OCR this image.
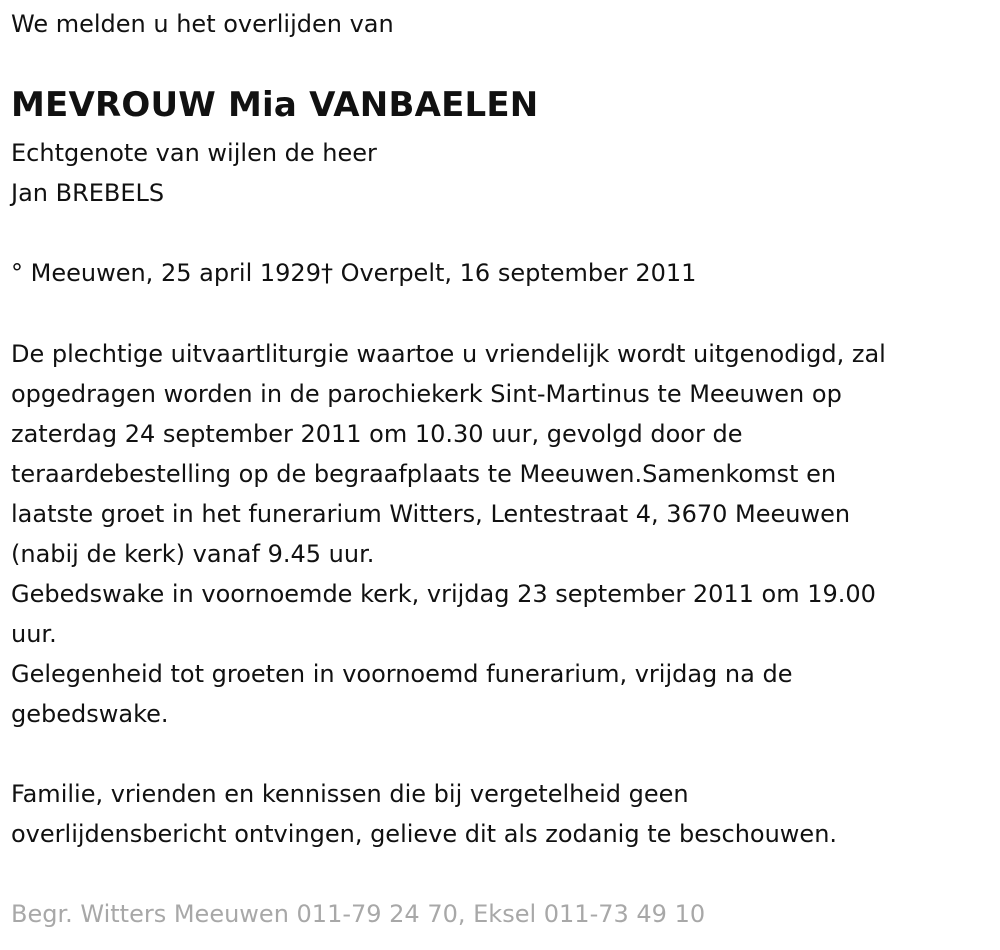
We melden u het overlijden van
MEVROUW Mia VANBAELEN
Echtgenote van wijlen de heer
Jan BREBELS
° Meeuwen, 25 april 1929† Overpelt, 16 september 2011
De plechtige uitvaartliturgie waartoe u vriendelijk wordt uitgenodigd, zal
opgedragen worden in de parochiekerk Sint-Martinus te Meeuwen op
zaterdag 24 september 2011 om 10.30 uur, gevolgd door de
teraardebestelling op de begraafplaats te Meeuwen.Samenkomst en
laatste groet in het funerarium Witters, Lentestraat 4, 3670 Meeuwen
(nabij de kerk) vanaf 9.45 uur.
Gebedswake in voornoemde kerk, vrijdag 23 september 2011 om 19.00
uur.
Gelegenheid tot groeten in voornoemd funerarium, vrijdag na de
gebedswake.
Familie, vrienden en kennissen die bij vergetelheid geen
overlijdensbericht ontvingen, gelieve dit als zodanig te beschouwen.
Begr. Witters Meeuwen 011-79 24 70, Eksel 011-73 49 10
